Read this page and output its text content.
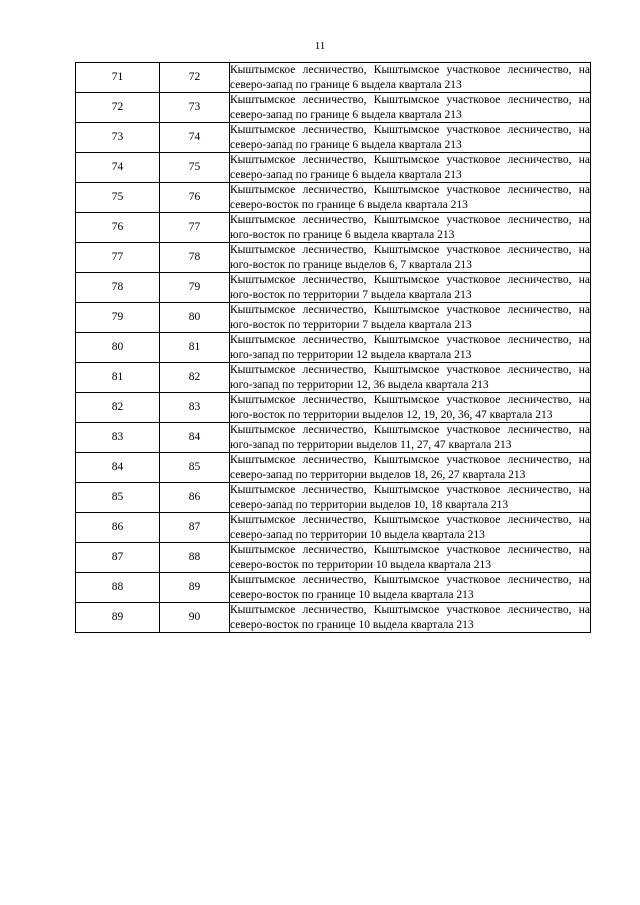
11
71	72	Кыштымское лесничество, Кыштымское участковое лесничество, на северо-запад по границе 6 выдела квартала 213
72	73	Кыштымское лесничество, Кыштымское участковое лесничество, на северо-запад по границе 6 выдела квартала 213
73	74	Кыштымское лесничество, Кыштымское участковое лесничество, на северо-запад по границе 6 выдела квартала 213
74	75	Кыштымское лесничество, Кыштымское участковое лесничество, на северо-запад по границе 6 выдела квартала 213
75	76	Кыштымское лесничество, Кыштымское участковое лесничество, на северо-восток по границе 6 выдела квартала 213
76	77	Кыштымское лесничество, Кыштымское участковое лесничество, на юго-восток по границе 6 выдела квартала 213
77	78	Кыштымское лесничество, Кыштымское участковое лесничество, на юго-восток по границе выделов 6, 7 квартала 213
78	79	Кыштымское лесничество, Кыштымское участковое лесничество, на юго-восток по территории 7 выдела квартала 213
79	80	Кыштымское лесничество, Кыштымское участковое лесничество, на юго-восток по территории 7 выдела квартала 213
80	81	Кыштымское лесничество, Кыштымское участковое лесничество, на юго-запад по территории 12 выдела квартала 213
81	82	Кыштымское лесничество, Кыштымское участковое лесничество, на юго-запад по территории 12, 36 выдела квартала 213
82	83	Кыштымское лесничество, Кыштымское участковое лесничество, на юго-восток по территории выделов 12, 19, 20, 36, 47 квартала 213
83	84	Кыштымское лесничество, Кыштымское участковое лесничество, на юго-запад по территории выделов 11, 27, 47 квартала 213
84	85	Кыштымское лесничество, Кыштымское участковое лесничество, на северо-запад по территории выделов 18, 26, 27 квартала 213
85	86	Кыштымское лесничество, Кыштымское участковое лесничество, на северо-запад по территории выделов 10, 18 квартала 213
86	87	Кыштымское лесничество, Кыштымское участковое лесничество, на северо-запад по территории 10 выдела квартала 213
87	88	Кыштымское лесничество, Кыштымское участковое лесничество, на северо-восток по территории 10 выдела квартала 213
88	89	Кыштымское лесничество, Кыштымское участковое лесничество, на северо-восток по границе 10 выдела квартала 213
89	90	Кыштымское лесничество, Кыштымское участковое лесничество, на северо-восток по границе 10 выдела квартала 213
